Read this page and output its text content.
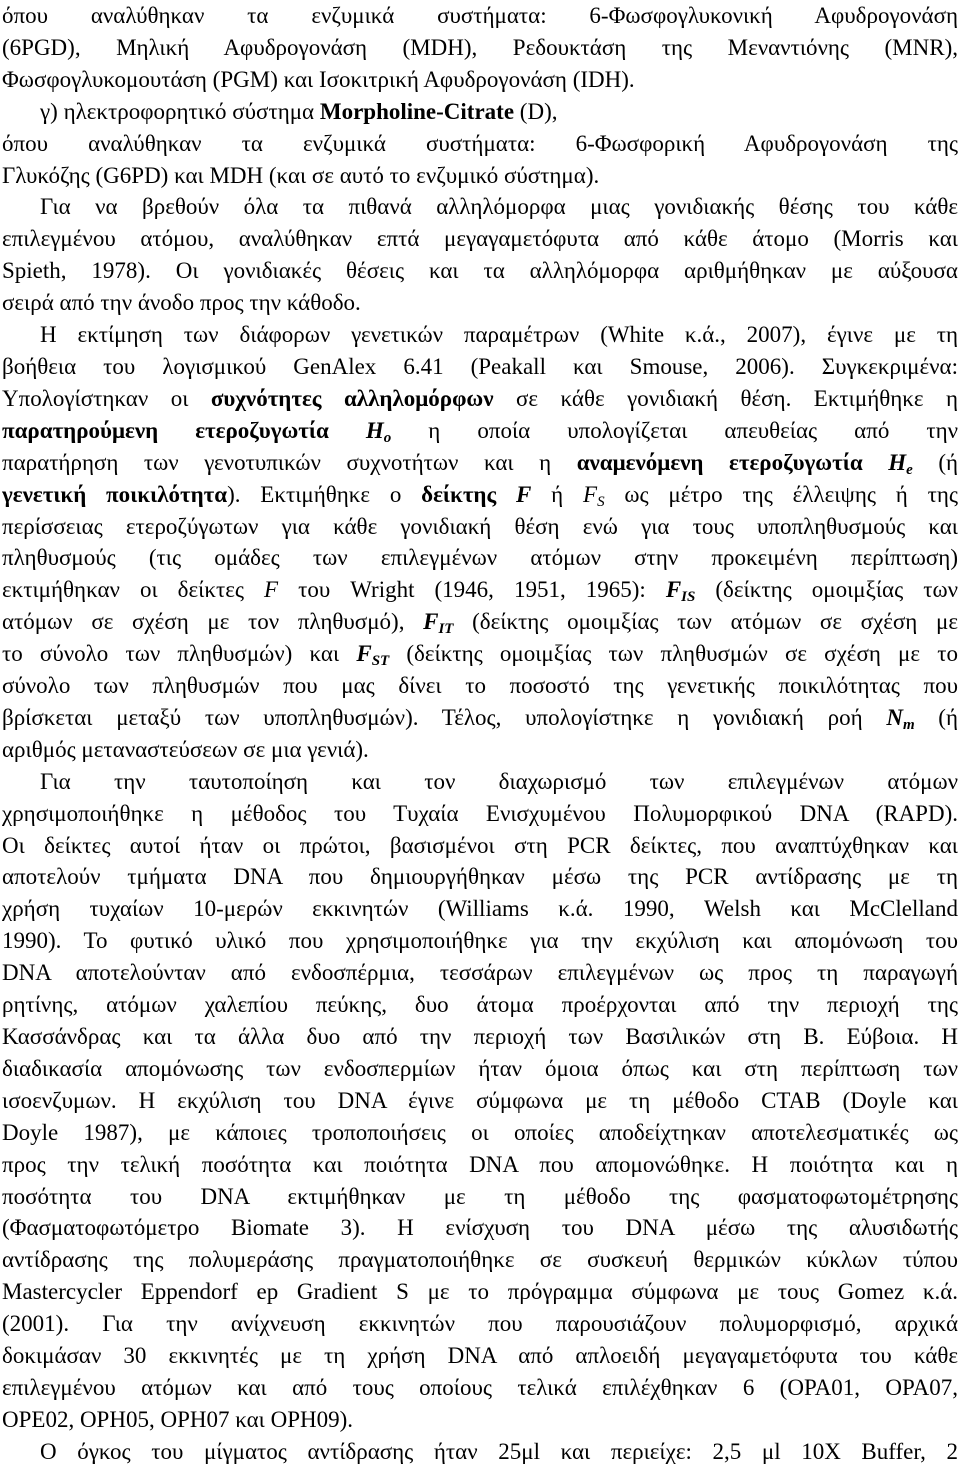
όπου αναλύθηκαν τα ενζυμικά συστήματα: 6-Φωσφογλυκονική Αφυδρογονάση
(6PGD), Μηλική Αφυδρογονάση (MDH), Ρεδουκτάση της Μεναντιόνης (MNR),
Φωσφογλυκομουτάση (PGM) και Ισοκιτρική Αφυδρογονάση (IDH).
γ) ηλεκτροφορητικό σύστημα Morpholine-Citrate (D),
όπου αναλύθηκαν τα ενζυμικά συστήματα: 6-Φωσφορική Αφυδρογονάση της
Γλυκόζης (G6PD) και MDH (και σε αυτό το ενζυμικό σύστημα).
Για να βρεθούν όλα τα πιθανά αλληλόμορφα μιας γονιδιακής θέσης του κάθε
επιλεγμένου ατόμου, αναλύθηκαν επτά μεγαγαμετόφυτα από κάθε άτομο (Morris και
Spieth, 1978). Οι γονιδιακές θέσεις και τα αλληλόμορφα αριθμήθηκαν με αύξουσα
σειρά από την άνοδο προς την κάθοδο.
Η εκτίμηση των διάφορων γενετικών παραμέτρων (White κ.ά., 2007), έγινε με τη
βοήθεια του λογισμικού GenAlex 6.41 (Peakall και Smouse, 2006). Συγκεκριμένα:
Υπολογίστηκαν οι συχνότητες αλληλομόρφων σε κάθε γονιδιακή θέση. Εκτιμήθηκε η
παρατηρούμενη ετεροζυγωτία $H_o$ η οποία υπολογίζεται απευθείας από την
παρατήρηση των γενοτυπικών συχνοτήτων και η αναμενόμενη ετεροζυγωτία $H_e$ (ή
γενετική ποικιλότητα). Εκτιμήθηκε ο δείκτης F ή $F_S$ ως μέτρο της έλλειψης ή της
περίσσειας ετεροζύγωτων για κάθε γονιδιακή θέση ενώ για τους υποπληθυσμούς και
πληθυσμούς (τις ομάδες των επιλεγμένων ατόμων στην προκειμένη περίπτωση)
εκτιμήθηκαν οι δείκτες F του Wright (1946, 1951, 1965): $F_{IS}$ (δείκτης ομοιμξίας των
ατόμων σε σχέση με τον πληθυσμό), $F_{IT}$ (δείκτης ομοιμξίας των ατόμων σε σχέση με
το σύνολο των πληθυσμών) και $F_{ST}$ (δείκτης ομοιμξίας των πληθυσμών σε σχέση με το
σύνολο των πληθυσμών που μας δίνει το ποσοστό της γενετικής ποικιλότητας που
βρίσκεται μεταξύ των υποπληθυσμών). Τέλος, υπολογίστηκε η γονιδιακή ροή $N_m$ (ή
αριθμός μεταναστεύσεων σε μια γενιά).
Για την ταυτοποίηση και τον διαχωρισμό των επιλεγμένων ατόμων
χρησιμοποιήθηκε η μέθοδος του Τυχαία Ενισχυμένου Πολυμορφικού DNA (RAPD).
Οι δείκτες αυτοί ήταν οι πρώτοι, βασισμένοι στη PCR δείκτες, που αναπτύχθηκαν και
αποτελούν τμήματα DNA που δημιουργήθηκαν μέσω της PCR αντίδρασης με τη
χρήση τυχαίων 10-μερών εκκινητών (Williams κ.ά. 1990, Welsh και McClelland
1990). Το φυτικό υλικό που χρησιμοποιήθηκε για την εκχύλιση και απομόνωση του
DNA αποτελούνταν από ενδοσπέρμια, τεσσάρων επιλεγμένων ως προς τη παραγωγή
ρητίνης, ατόμων χαλεπίου πεύκης, δυο άτομα προέρχονται από την περιοχή της
Κασσάνδρας και τα άλλα δυο από την περιοχή των Βασιλικών στη Β. Εύβοια. Η
διαδικασία απομόνωσης των ενδοσπερμίων ήταν όμοια όπως και στη περίπτωση των
ισοενζυμων. Η εκχύλιση του DNA έγινε σύμφωνα με τη μέθοδο CTAB (Doyle και
Doyle 1987), με κάποιες τροποποιήσεις οι οποίες αποδείχτηκαν αποτελεσματικές ως
προς την τελική ποσότητα και ποιότητα DNA που απομονώθηκε. Η ποιότητα και η
ποσότητα του DNA εκτιμήθηκαν με τη μέθοδο της φασματοφωτομέτρησης
(Φασματοφωτόμετρο Biomate 3). Η ενίσχυση του DNA μέσω της αλυσιδωτής
αντίδρασης της πολυμεράσης πραγματοποιήθηκε σε συσκευή θερμικών κύκλων τύπου
Mastercycler Eppendorf ep Gradient S με το πρόγραμμα σύμφωνα με τους Gomez κ.ά.
(2001). Για την ανίχνευση εκκινητών που παρουσιάζουν πολυμορφισμό, αρχικά
δοκιμάσαν 30 εκκινητές με τη χρήση DNA από απλοειδή μεγαγαμετόφυτα του κάθε
επιλεγμένου ατόμων και από τους οποίους τελικά επιλέχθηκαν 6 (OPA01, OPA07,
OPE02, OPH05, OPH07 και OPH09).
Ο όγκος του μίγματος αντίδρασης ήταν 25μl και περιείχε: 2,5 μl 10X Buffer, 2
